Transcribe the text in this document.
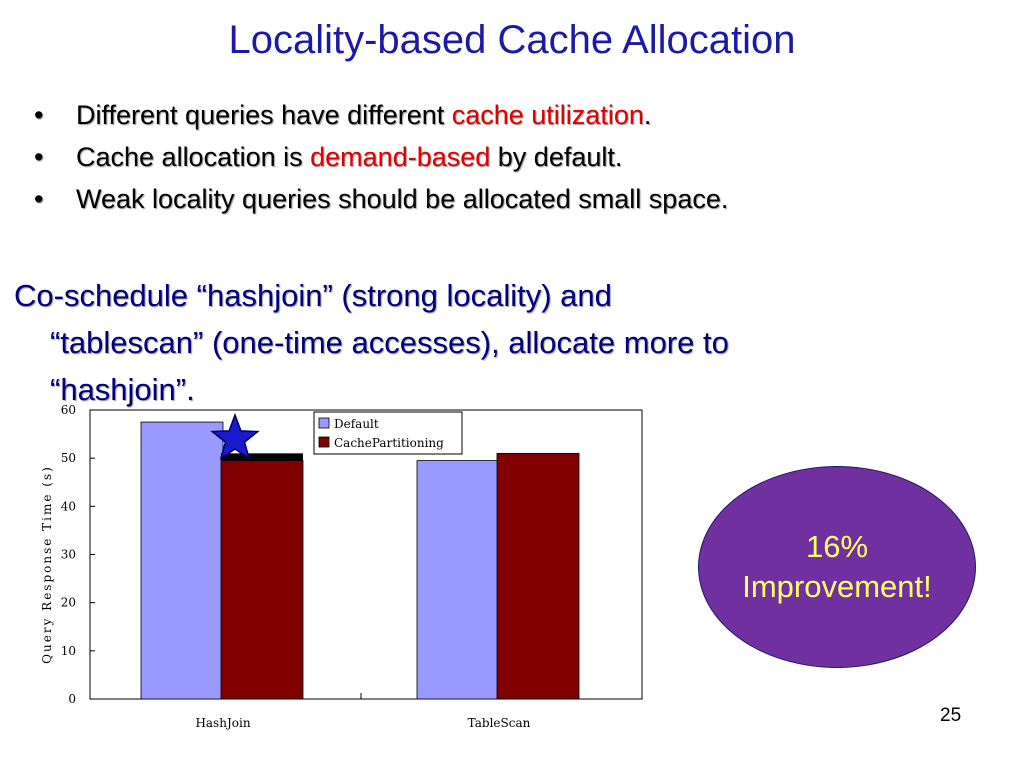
Locality-based Cache Allocation
• Different queries have different cache utilization.
• Cache allocation is demand-based by default.
• Weak locality queries should be allocated small space.
Co-schedule “hashjoin” (strong locality) and
“tablescan” (one-time accesses), allocate more to
“hashjoin”.
0
10
20
30
40
50
60
Query Response Time (s)
HashJoin	TableScan
Default
CachePartitioning
16%
Improvement!
25
